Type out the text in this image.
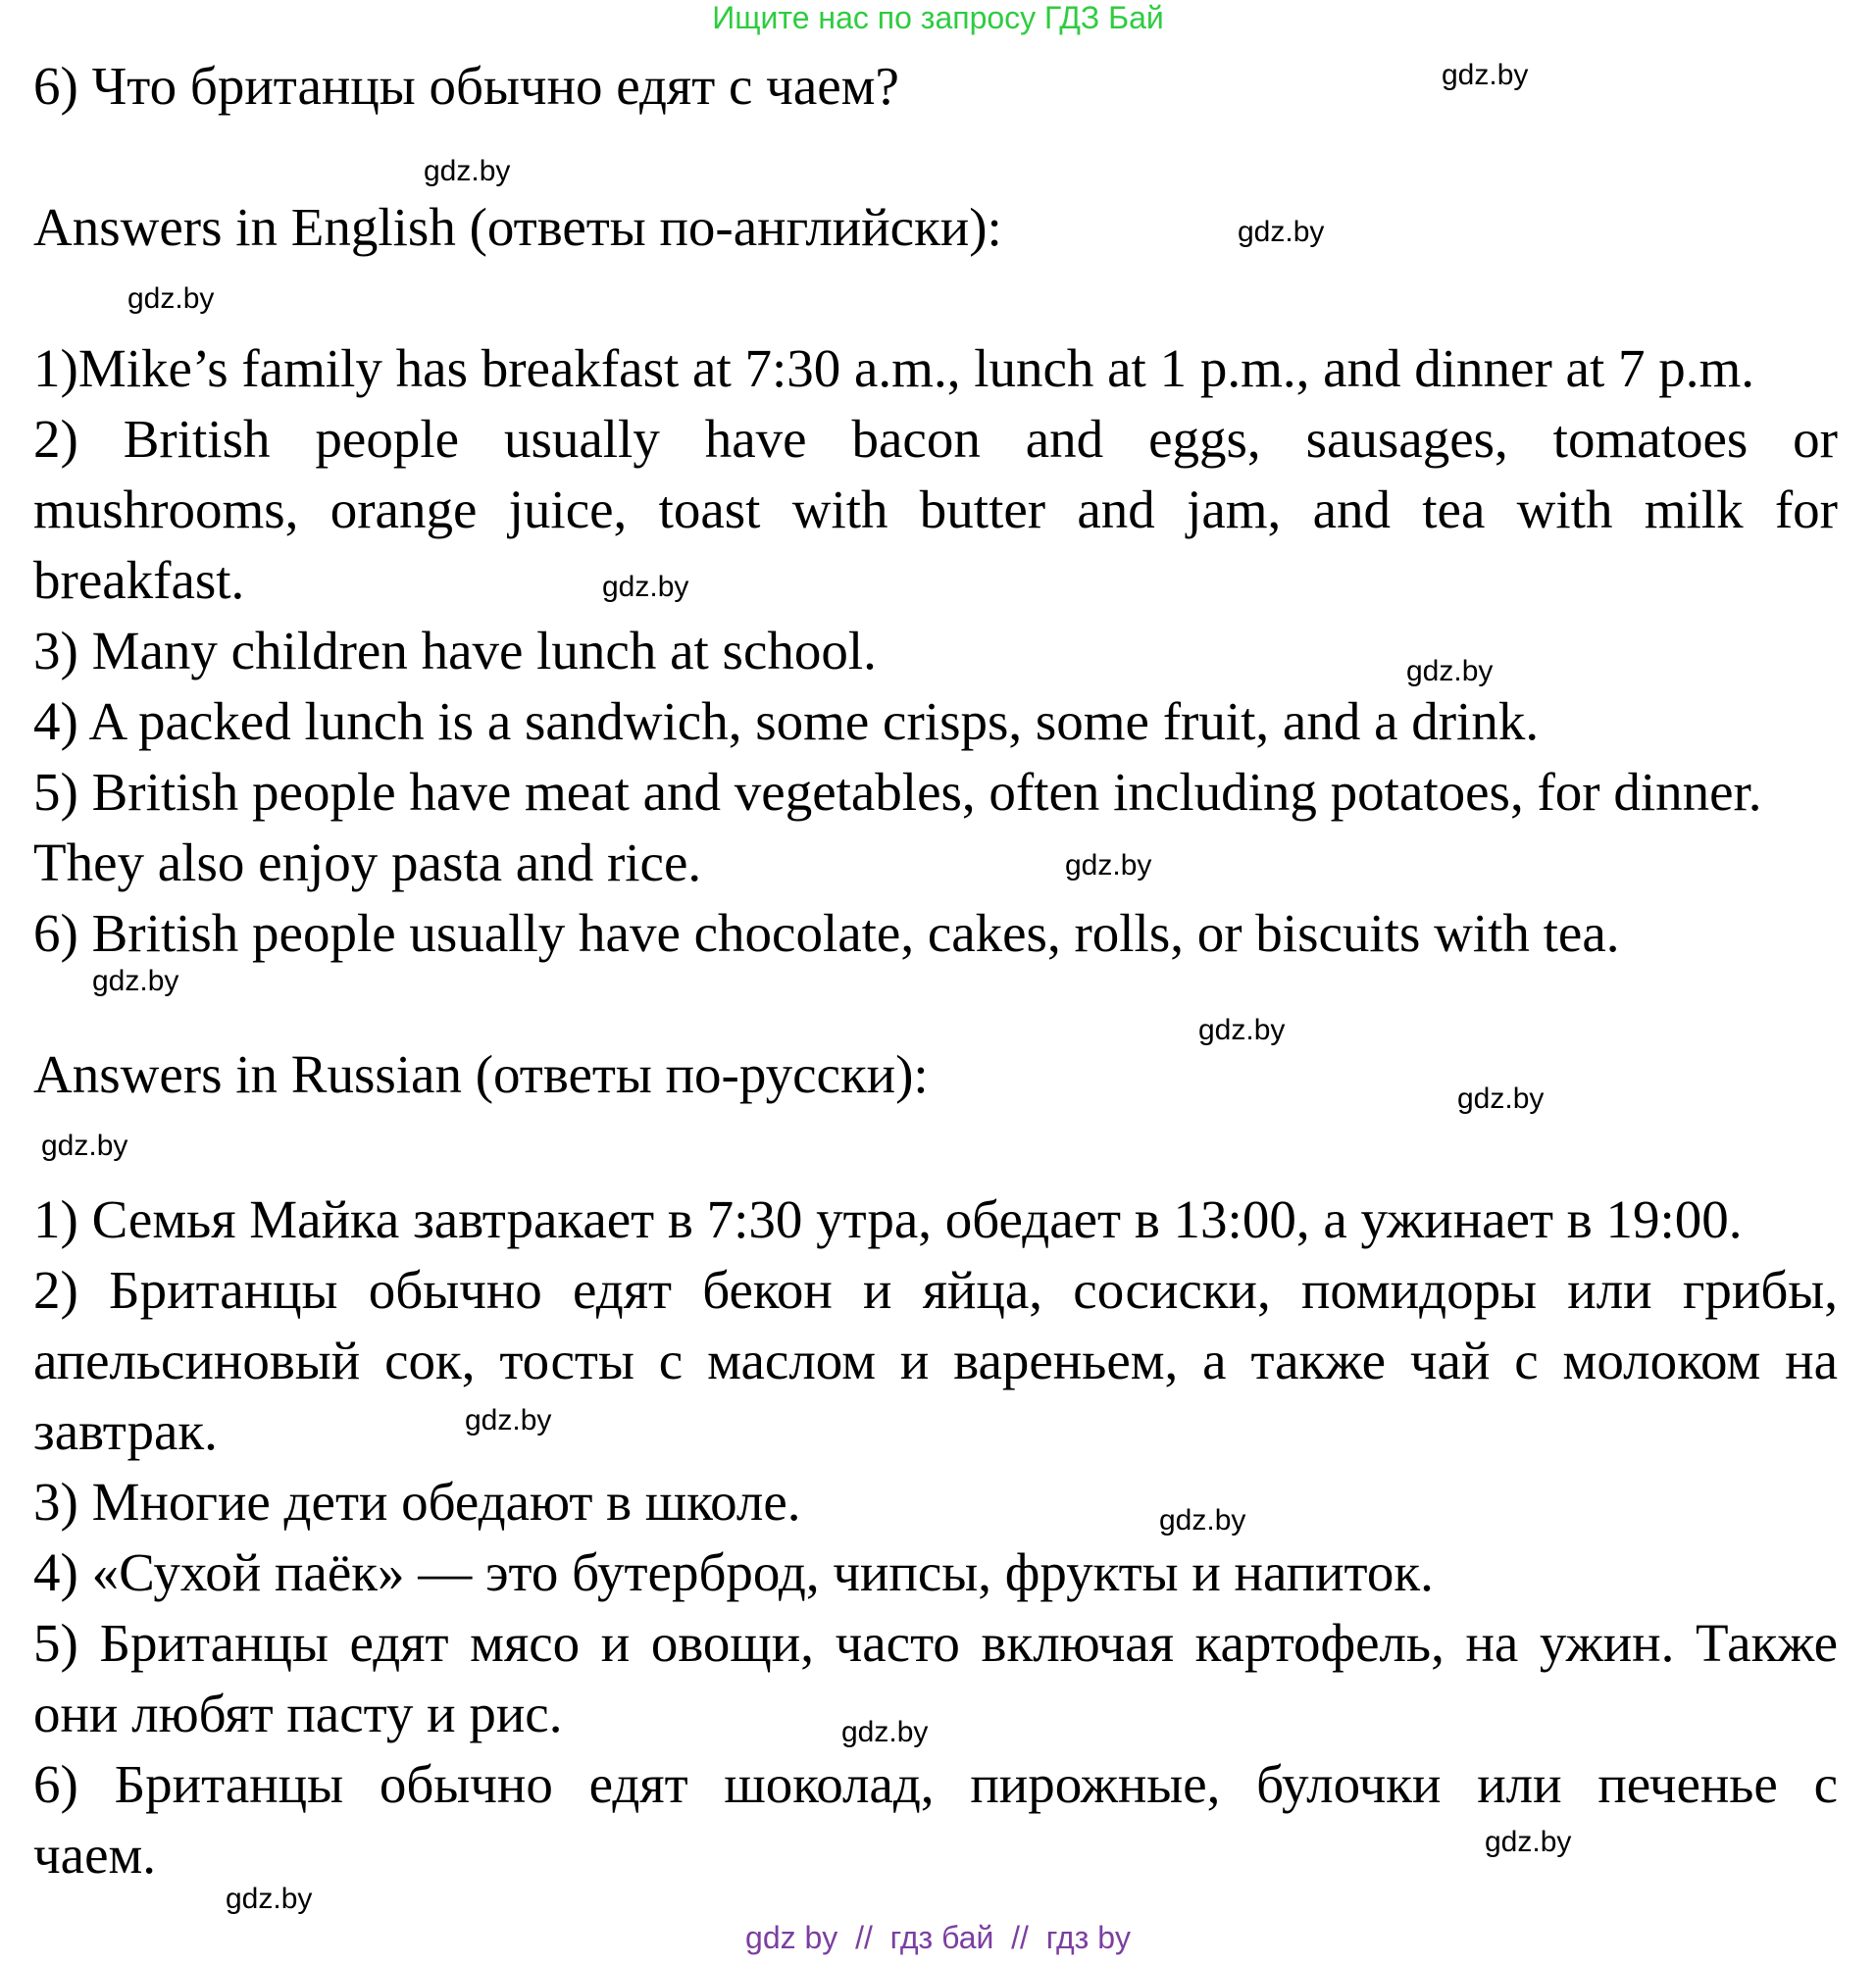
Ищите нас по запросу ГДЗ Бай
6) Что британцы обычно едят с чаем?
Answers in English (ответы по-английски):
1)Mike’s family has breakfast at 7:30 a.m., lunch at 1 p.m., and dinner at 7 p.m.
2) British people usually have bacon and eggs, sausages, tomatoes or
mushrooms, orange juice, toast with butter and jam, and tea with milk for
breakfast.
3) Many children have lunch at school.
4) A packed lunch is a sandwich, some crisps, some fruit, and a drink.
5) British people have meat and vegetables, often including potatoes, for dinner.
They also enjoy pasta and rice.
6) British people usually have chocolate, cakes, rolls, or biscuits with tea.
Answers in Russian (ответы по-русски):
1) Семья Майка завтракает в 7:30 утра, обедает в 13:00, а ужинает в 19:00.
2) Британцы обычно едят бекон и яйца, сосиски, помидоры или грибы,
апельсиновый сок, тосты с маслом и вареньем, а также чай с молоком на
завтрак.
3) Многие дети обедают в школе.
4) «Сухой паёк» — это бутерброд, чипсы, фрукты и напиток.
5) Британцы едят мясо и овощи, часто включая картофель, на ужин. Также
они любят пасту и рис.
6) Британцы обычно едят шоколад, пирожные, булочки или печенье с
чаем.
gdz.by
gdz.by
gdz.by
gdz.by
gdz.by
gdz.by
gdz.by
gdz.by
gdz.by
gdz.by
gdz.by
gdz.by
gdz.by
gdz.by
gdz.by
gdz.by
gdz by  //  гдз бай  //  гдз by
